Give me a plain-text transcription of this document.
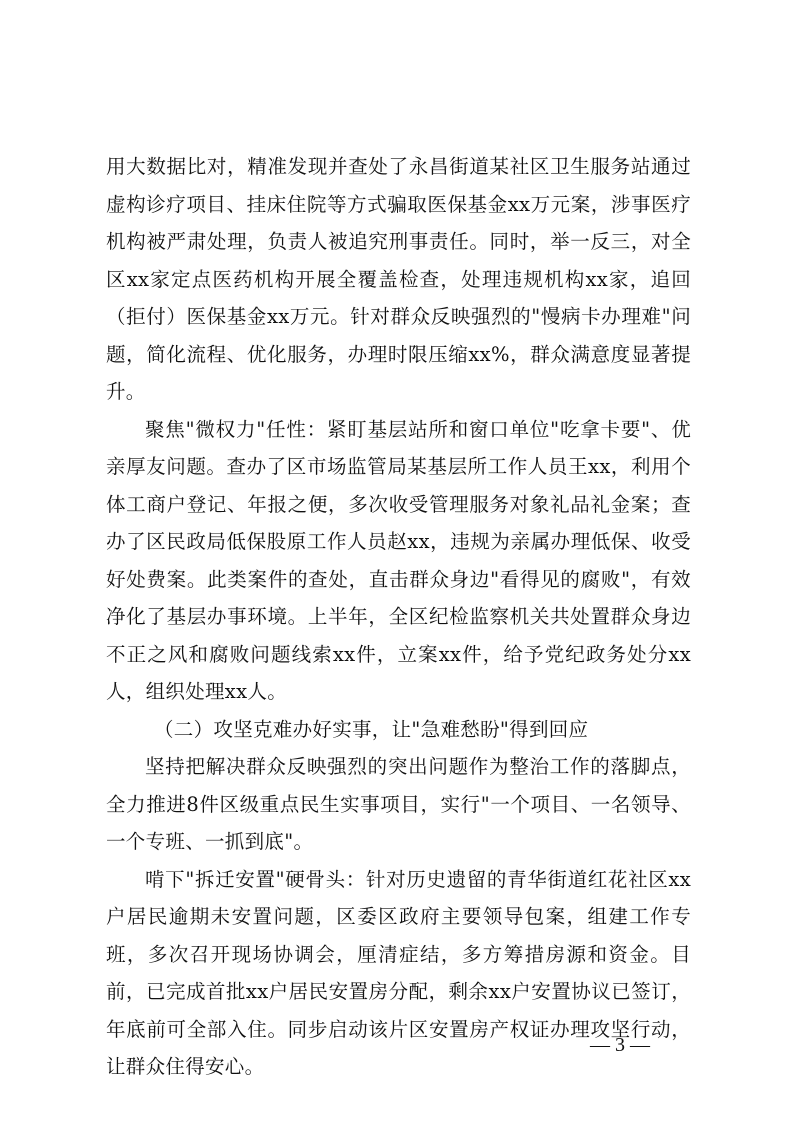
用大数据比对，精准发现并查处了永昌街道某社区卫生服务站通过虚构诊疗项目、挂床住院等方式骗取医保基金xx万元案，涉事医疗机构被严肃处理，负责人被追究刑事责任。同时，举一反三，对全区xx家定点医药机构开展全覆盖检查，处理违规机构xx家，追回（拒付）医保基金xx万元。针对群众反映强烈的"慢病卡办理难"问题，简化流程、优化服务，办理时限压缩xx%，群众满意度显著提升。

聚焦"微权力"任性：紧盯基层站所和窗口单位"吃拿卡要"、优亲厚友问题。查办了区市场监管局某基层所工作人员王xx，利用个体工商户登记、年报之便，多次收受管理服务对象礼品礼金案；查办了区民政局低保股原工作人员赵xx，违规为亲属办理低保、收受好处费案。此类案件的查处，直击群众身边"看得见的腐败"，有效净化了基层办事环境。上半年，全区纪检监察机关共处置群众身边不正之风和腐败问题线索xx件，立案xx件，给予党纪政务处分xx人，组织处理xx人。

（二）攻坚克难办好实事，让"急难愁盼"得到回应

坚持把解决群众反映强烈的突出问题作为整治工作的落脚点，全力推进8件区级重点民生实事项目，实行"一个项目、一名领导、一个专班、一抓到底"。

啃下"拆迁安置"硬骨头：针对历史遗留的青华街道红花社区xx户居民逾期未安置问题，区委区政府主要领导包案，组建工作专班，多次召开现场协调会，厘清症结，多方筹措房源和资金。目前，已完成首批xx户居民安置房分配，剩余xx户安置协议已签订，年底前可全部入住。同步启动该片区安置房产权证办理攻坚行动，让群众住得安心。

— 3 —
